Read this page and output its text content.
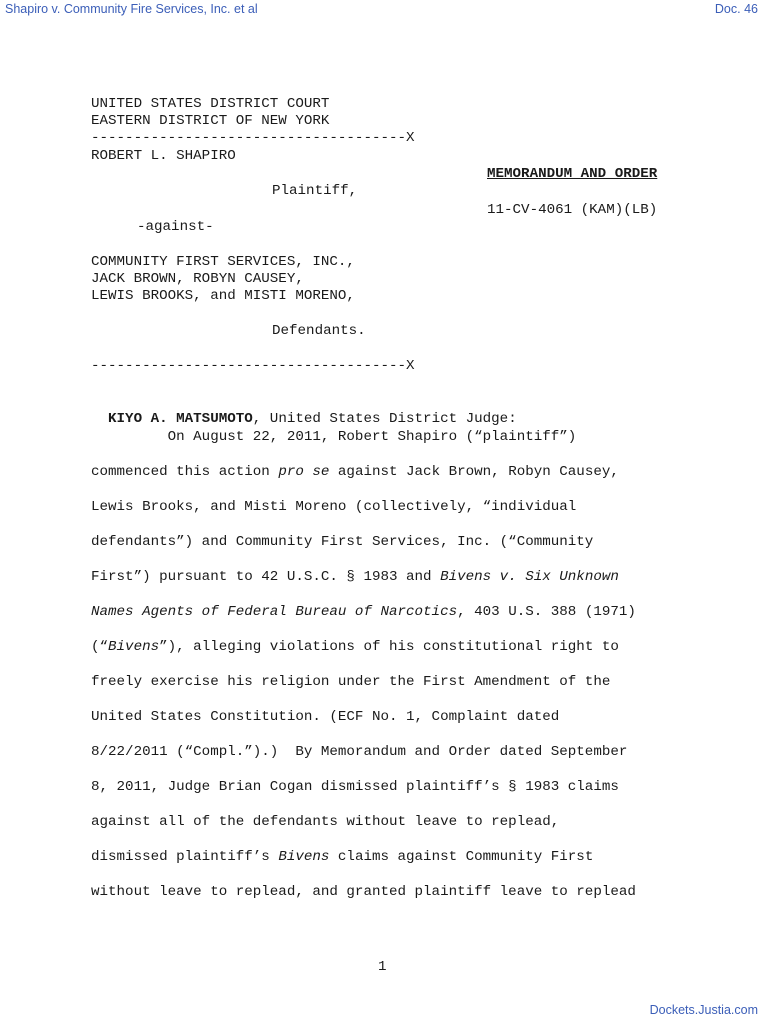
Shapiro v. Community Fire Services, Inc. et al	Doc. 46
UNITED STATES DISTRICT COURT
EASTERN DISTRICT OF NEW YORK
-------------------------------------X
ROBERT L. SHAPIRO
MEMORANDUM AND ORDER
Plaintiff,
11-CV-4061 (KAM)(LB)
-against-
COMMUNITY FIRST SERVICES, INC.,
JACK BROWN, ROBYN CAUSEY,
LEWIS BROOKS, and MISTI MORENO,
Defendants.
-------------------------------------X

KIYO A. MATSUMOTO, United States District Judge:

On August 22, 2011, Robert Shapiro (“plaintiff”)
commenced this action pro se against Jack Brown, Robyn Causey,
Lewis Brooks, and Misti Moreno (collectively, “individual
defendants”) and Community First Services, Inc. (“Community
First”) pursuant to 42 U.S.C. § 1983 and Bivens v. Six Unknown
Names Agents of Federal Bureau of Narcotics, 403 U.S. 388 (1971)
(“Bivens”), alleging violations of his constitutional right to
freely exercise his religion under the First Amendment of the
United States Constitution. (ECF No. 1, Complaint dated
8/22/2011 (“Compl.”).)  By Memorandum and Order dated September
8, 2011, Judge Brian Cogan dismissed plaintiff’s § 1983 claims
against all of the defendants without leave to replead,
dismissed plaintiff’s Bivens claims against Community First
without leave to replead, and granted plaintiff leave to replead
1
Dockets.Justia.com
